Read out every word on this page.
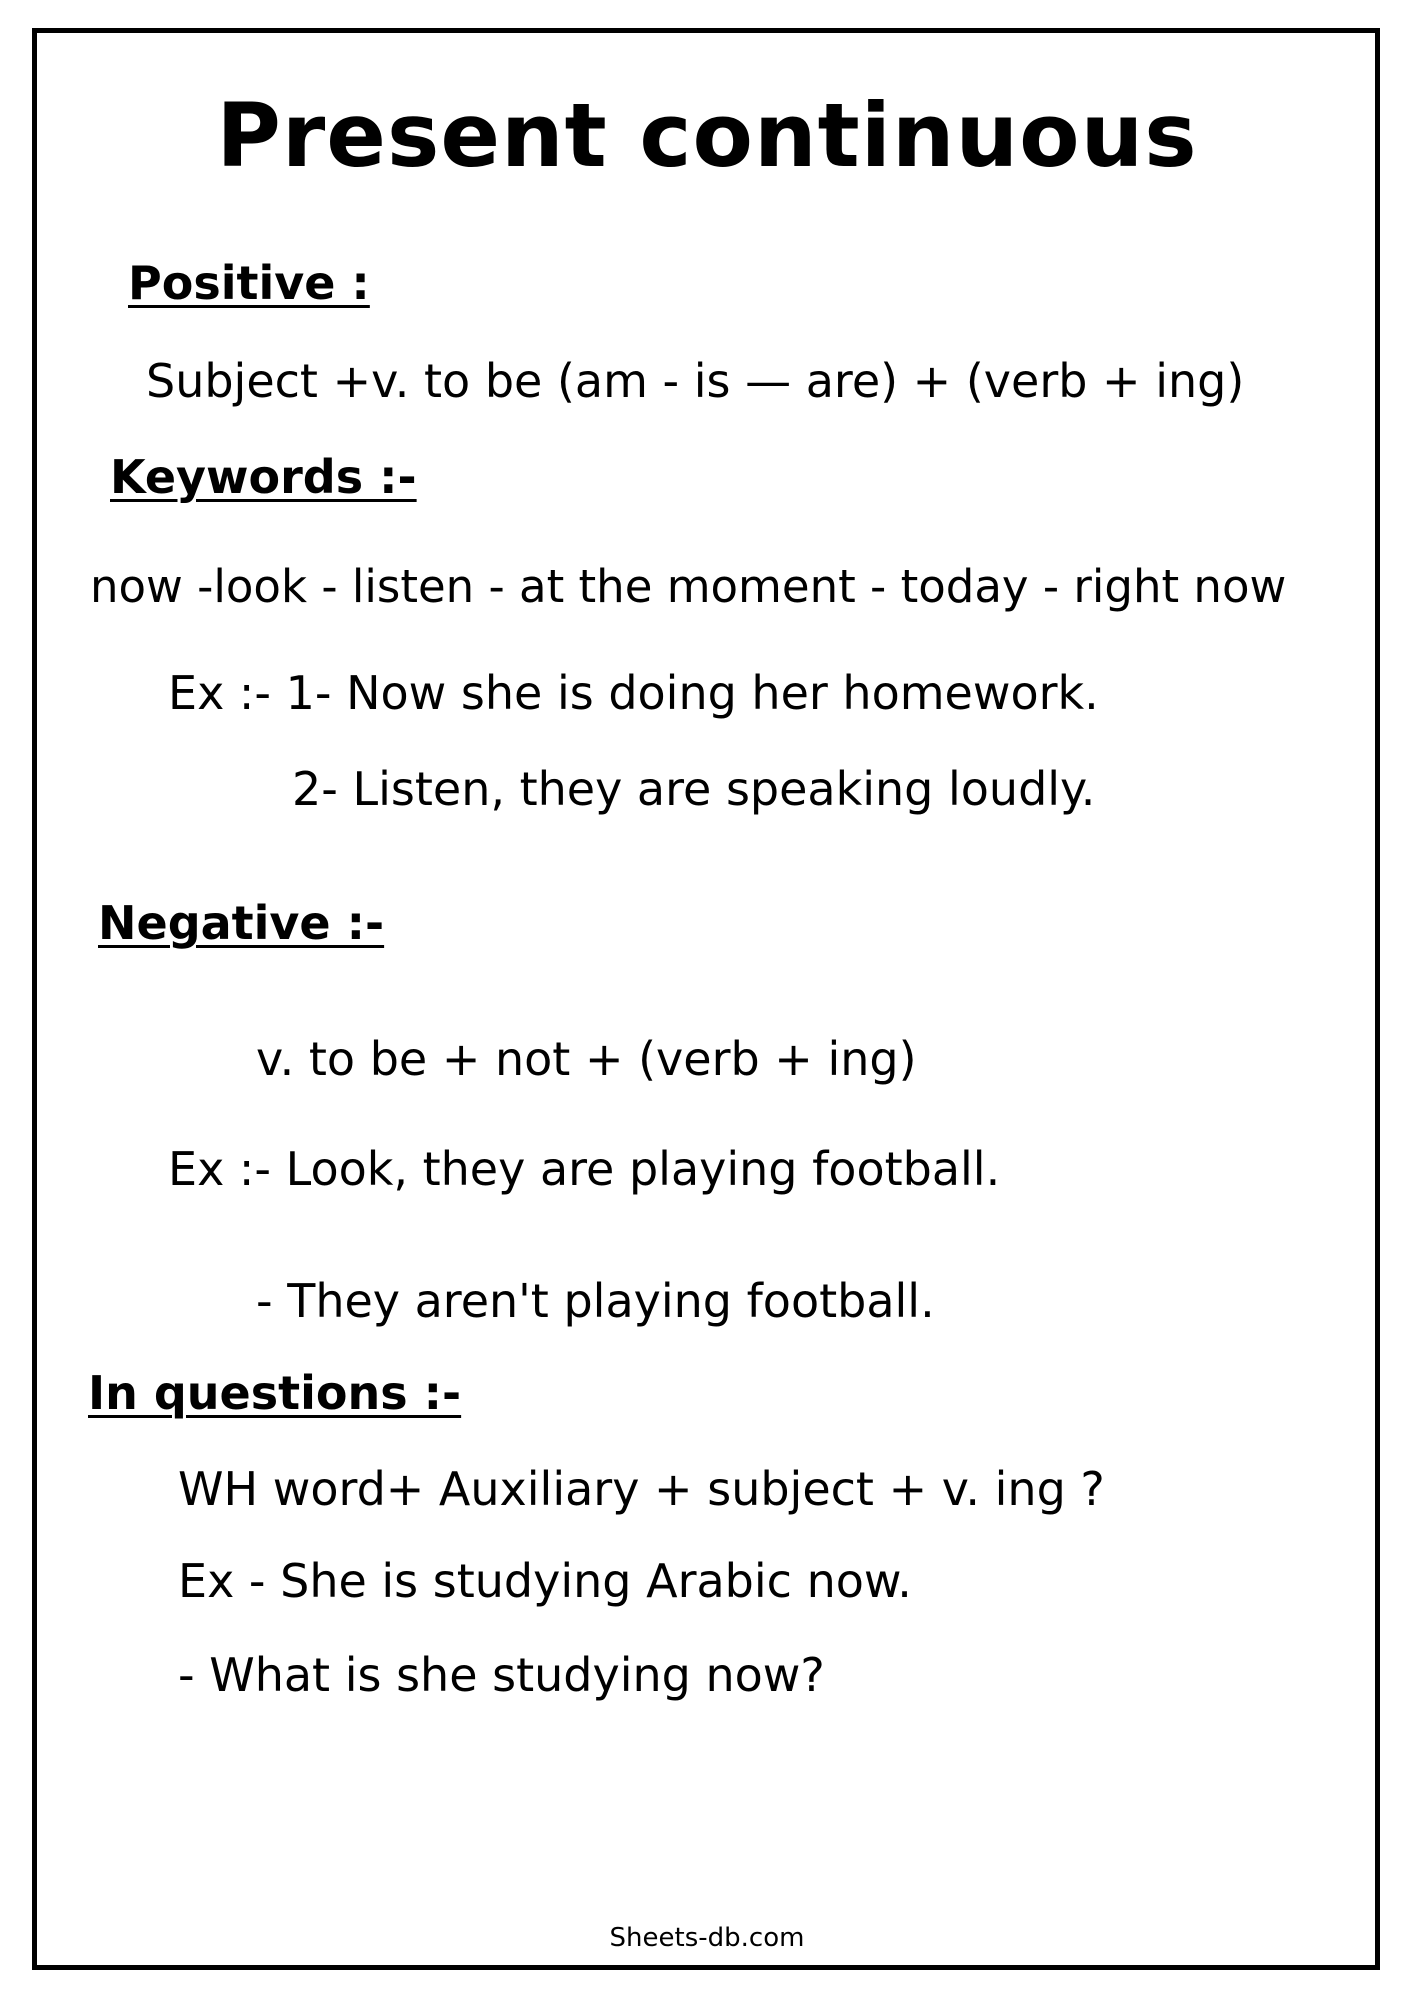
Present continuous
Positive :
Subject +v. to be (am - is — are) + (verb + ing)
Keywords :-
now -look - listen - at the moment - today - right now
Ex :- 1- Now she is doing her homework.
2- Listen, they are speaking loudly.
Negative :-
v. to be + not + (verb + ing)
Ex :- Look, they are playing football.
- They aren't playing football.
In questions :-
WH word+ Auxiliary + subject + v. ing ?
Ex - She is studying Arabic now.
- What is she studying now?
Sheets-db.com
